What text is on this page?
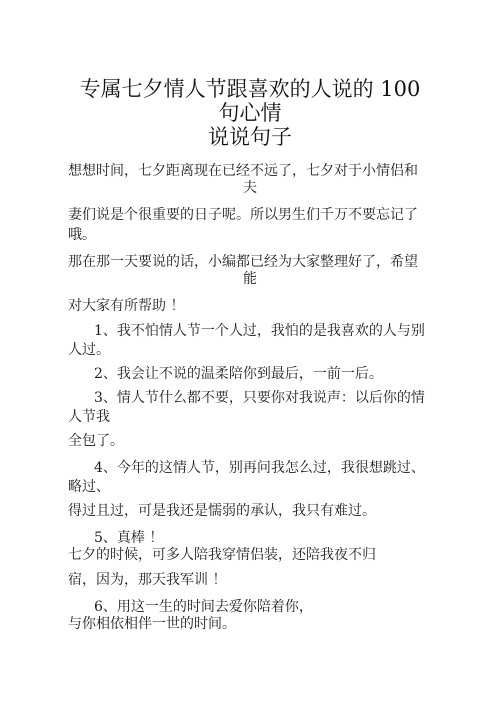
专属七夕情人节跟喜欢的人说的 100
句心情
说说句子
想想时间，七夕距离现在已经不远了，七夕对于小情侣和
夫
妻们说是个很重要的日子呢。所以男生们千万不要忘记了
哦。
那在那一天要说的话，小编都已经为大家整理好了，希望
能
对大家有所帮助 ！
1、我不怕情人节一个人过，我怕的是我喜欢的人与别
人过。
2、我会让不说的温柔陪你到最后，一前一后。
3、情人节什么都不要，只要你对我说声：以后你的情
人节我
全包了。
4、今年的这情人节，别再问我怎么过，我很想跳过、
略过、
得过且过，可是我还是懦弱的承认，我只有难过。
5、真棒 ！
七夕的时候，可多人陪我穿情侣装，还陪我夜不归
宿，因为，那天我军训 ！
6、用这一生的时间去爱你陪着你，
与你相依相伴一世的时间。
